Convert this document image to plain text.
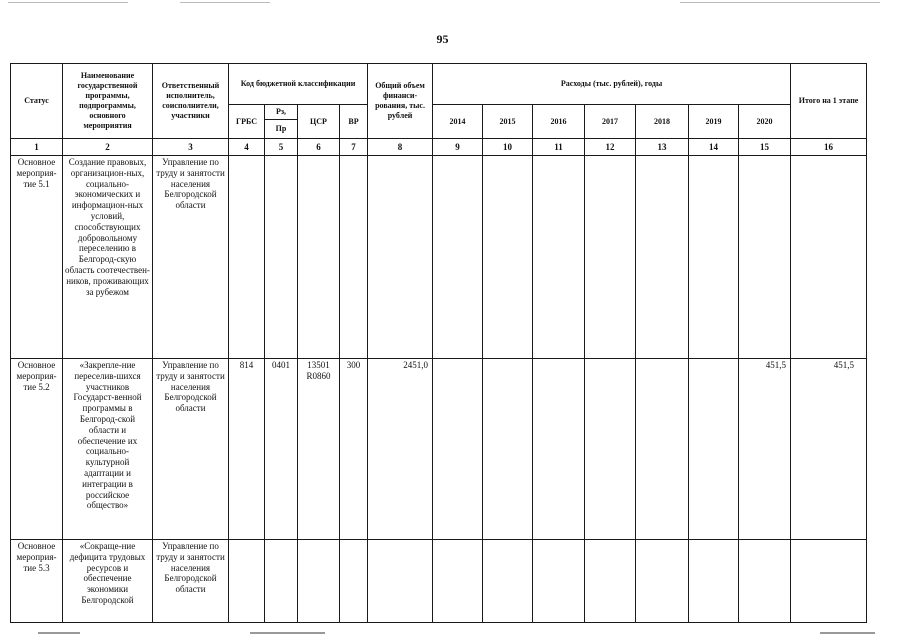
95
Статус	Наименование государственной программы, подпрограммы, основного мероприятия	Ответственный исполнитель, соисполнители, участники	Код бюджетной классификации				Общий объем финанси-рования, тыс. рублей	Расходы (тыс. рублей), годы							Итого на 1 этапе
			ГРБС	Рз,	ЦСР	ВР		2014	2015	2016	2017	2018	2019	2020	
				Пр											
1	2	3	4	5	6	7	8	9	10	11	12	13	14	15	16
Основное мероприя-тие 5.1	Создание правовых, организацион-ных, социально-экономических и информацион-ных условий, способствующих добровольному переселению в Белгород-скую область соотечествен-ников, проживающих за рубежом	Управление по труду и занятости населения Белгородской области													
Основное мероприя-тие 5.2	«Закрепле-ние переселив-шихся участников Государст-венной программы в Белгород-ской области и обеспечение их социально-культурной адаптации и интеграции в российское общество»	Управление по труду и занятости населения Белгородской области	814	0401	13501 R0860	300	2451,0							451,5	451,5
Основное мероприя-тие 5.3	«Сокраще-ние дефицита трудовых ресурсов и обеспечение экономики Белгородской	Управление по труду и занятости населения Белгородской области													
